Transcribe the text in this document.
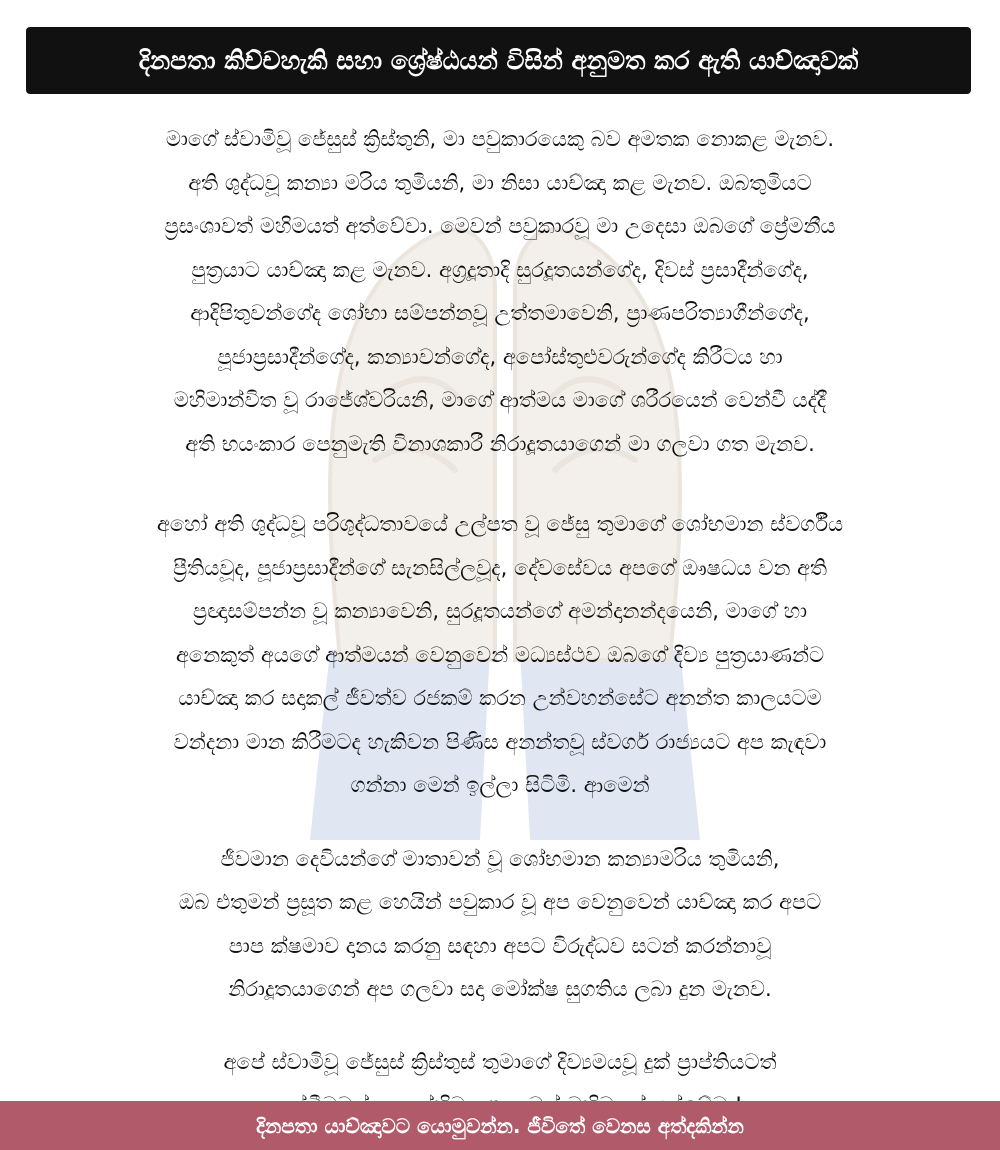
දිනපතා කිච්චහැකි සහා ශ්‍රේෂ්ඨයන් විසින් අනුමත කර ඇති යාච්ඤාවක්

මාගේ ස්වාමිවූ ජේසුස් ක්‍රිස්තුනි, මා පවුකාරයෙකු බව අමතක නොකළ මැනව.
අති ශුද්ධවූ කන්‍යා මරිය තුමියනි, මා නිසා යාච්ඤා කළ මැනව. ඔබතුමියට
ප්‍රසංශාවත් මහිමයත් අත්වේවා. මෙවන් පවුකාරවූ මා උදෙසා ඔබගේ ප්‍රේමනීය
පුත්‍රයාට යාච්ඤා කළ මැනව. අග්‍රදූතාදි සුරදූතයන්ගේද, දිවස් ප්‍රසාදීන්ගේද,
ආදිපිතුවන්ගේද ශෝභා සම්පන්නවූ උත්තමාවෙනි, ප්‍රාණපරිත්‍යාගීන්ගේද,
පූජාප්‍රසාදීන්ගේද, කන්‍යාවන්ගේද, අපෝස්තුළුවරුන්ගේද කිරීටය හා
මහිමාන්විත වූ රාජේශ්වරියනි, මාගේ ආත්මය මාගේ ශරීරයෙන් වෙන්වී යද්දී
අති භයංකාර පෙනුමැති විනාශකාරී නිරාදූතයාගෙන් මා ගලවා ගත මැනව.

අහෝ අති ශුද්ධවූ පරිශුද්ධතාවයේ උල්පත වූ ජේසු තුමාගේ ශෝභමාන ස්වර්ගීය
ප්‍රීතියවූද, පූජාප්‍රසාදීන්ගේ සැනසිල්ලවූද, දේවසේවය අපගේ ඖෂධය වන අති
ප්‍රඥාසම්පන්න වූ කන්‍යාවෙනි, සුරදූතයන්ගේ අමන්දානන්දයෙනි, මාගේ හා
අනෙකුත් අයගේ ආත්මයන් වෙනුවෙන් මධ්‍යස්ථව ඔබගේ දිව්‍ය පුත්‍රයාණන්ට
යාච්ඤා කර සදාකල් ජීවත්ව රජකම් කරන උන්වහන්සේට අනන්ත කාලයටම
වන්දනා මාන කිරීමටද හැකිවන පිණිස අනන්තවූ ස්වර්ග රාජ්‍යයට අප කැඳවා
ගන්නා මෙන් ඉල්ලා සිටිමි. ආමෙන්

ජීවමාන දෙවියන්ගේ මාතාවන් වූ ශෝභමාන කන්‍යාමරිය තුමියනි,
ඔබ එතුමන් ප්‍රසූත කළ හෙයින් පවුකාර වූ අප වෙනුවෙන් යාච්ඤා කර අපට
පාප ක්ෂමාව දානය කරනු සඳහා අපට විරුද්ධව සටන් කරන්නාවූ
නිරාදූතයාගෙන් අප ගලවා සදා මෝක්ෂ සුගතිය ලබා දුන මැනව.

අපේ ස්වාමිවූ ජේසුස් ක්‍රිස්තුස් තුමාගේ දිව්‍යමයවූ දුක් ප්‍රාප්තියටත්

දිනපතා යාච්ඤාවට යොමුවන්න. ජීවිතේ වෙනස අත්දකින්න
